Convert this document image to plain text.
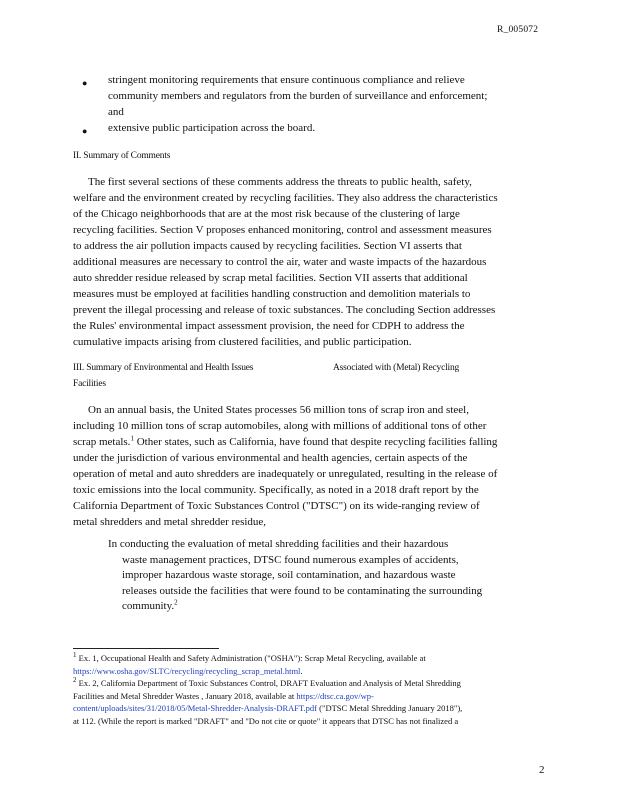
R_005072
● stringent monitoring requirements that ensure continuous compliance and relieve
community members and regulators from the burden of surveillance and enforcement;
and
● extensive public participation across the board.
II. Summary of Comments
The first several sections of these comments address the threats to public health, safety,
welfare and the environment created by recycling facilities. They also address the characteristics
of the Chicago neighborhoods that are at the most risk because of the clustering of large
recycling facilities. Section V proposes enhanced monitoring, control and assessment measures
to address the air pollution impacts caused by recycling facilities. Section VI asserts that
additional measures are necessary to control the air, water and waste impacts of the hazardous
auto shredder residue released by scrap metal facilities. Section VII asserts that additional
measures must be employed at facilities handling construction and demolition materials to
prevent the illegal processing and release of toxic substances. The concluding Section addresses
the Rules' environmental impact assessment provision, the need for CDPH to address the
cumulative impacts arising from clustered facilities, and public participation.
III. Summary of Environmental and Health Issues	Associated with (Metal) Recycling
Facilities
On an annual basis, the United States processes 56 million tons of scrap iron and steel,
including 10 million tons of scrap automobiles, along with millions of additional tons of other
scrap metals.$^1$ Other states, such as California, have found that despite recycling facilities falling
under the jurisdiction of various environmental and health agencies, certain aspects of the
operation of metal and auto shredders are inadequately or unregulated, resulting in the release of
toxic emissions into the local community. Specifically, as noted in a 2018 draft report by the
California Department of Toxic Substances Control ("DTSC") on its wide-ranging review of
metal shredders and metal shredder residue,
In conducting the evaluation of metal shredding facilities and their hazardous
waste management practices, DTSC found numerous examples of accidents,
improper hazardous waste storage, soil contamination, and hazardous waste
releases outside the facilities that were found to be contaminating the surrounding
community.$^2$
$^1$ Ex. 1, Occupational Health and Safety Administration ("OSHA"): Scrap Metal Recycling, available at
https://www.osha.gov/SLTC/recycling/recycling_scrap_metal.html.
$^2$ Ex. 2, California Department of Toxic Substances Control, DRAFT Evaluation and Analysis of Metal Shredding
Facilities and Metal Shredder Wastes , January 2018, available at https://dtsc.ca.gov/wp-
content/uploads/sites/31/2018/05/Metal-Shredder-Analysis-DRAFT.pdf ("DTSC Metal Shredding January 2018"),
at 112. (While the report is marked "DRAFT" and "Do not cite or quote" it appears that DTSC has not finalized a
2
